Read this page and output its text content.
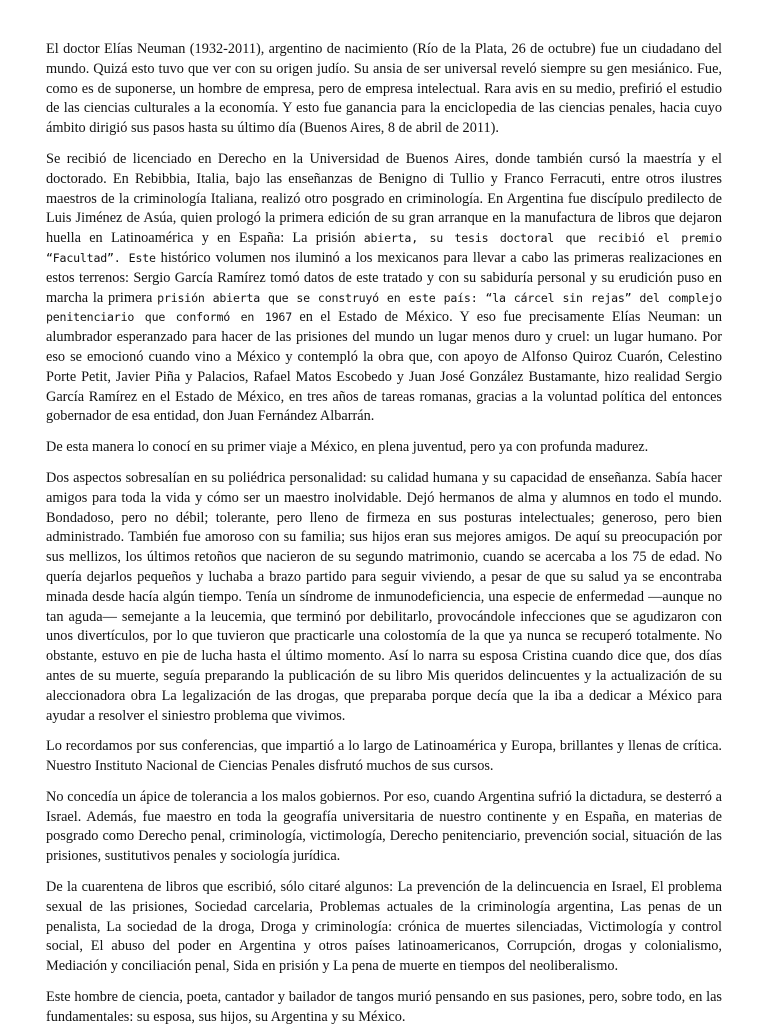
El doctor Elías Neuman (1932-2011), argentino de nacimiento (Río de la Plata, 26 de octubre) fue un ciudadano del mundo. Quizá esto tuvo que ver con su origen judío. Su ansia de ser universal reveló siempre su gen mesiánico. Fue, como es de suponerse, un hombre de empresa, pero de empresa intelectual. Rara avis en su medio, prefirió el estudio de las ciencias culturales a la economía. Y esto fue ganancia para la enciclopedia de las ciencias penales, hacia cuyo ámbito dirigió sus pasos hasta su último día (Buenos Aires, 8 de abril de 2011).

Se recibió de licenciado en Derecho en la Universidad de Buenos Aires, donde también cursó la maestría y el doctorado. En Rebibbia, Italia, bajo las enseñanzas de Benigno di Tullio y Franco Ferracuti, entre otros ilustres maestros de la criminología Italiana, realizó otro posgrado en criminología. En Argentina fue discípulo predilecto de Luis Jiménez de Asúa, quien prologó la primera edición de su gran arranque en la manufactura de libros que dejaron huella en Latinoamérica y en España: La prisión abierta, su tesis doctoral que recibió el premio “Facultad”. Este histórico volumen nos iluminó a los mexicanos para llevar a cabo las primeras realizaciones en estos terrenos: Sergio García Ramírez tomó datos de este tratado y con su sabiduría personal y su erudición puso en marcha la primera prisión abierta que se construyó en este país: “la cárcel sin rejas” del complejo penitenciario que conformó en 1967 en el Estado de México. Y eso fue precisamente Elías Neuman: un alumbrador esperanzado para hacer de las prisiones del mundo un lugar menos duro y cruel: un lugar humano. Por eso se emocionó cuando vino a México y contempló la obra que, con apoyo de Alfonso Quiroz Cuarón, Celestino Porte Petit, Javier Piña y Palacios, Rafael Matos Escobedo y Juan José González Bustamante, hizo realidad Sergio García Ramírez en el Estado de México, en tres años de tareas romanas, gracias a la voluntad política del entonces gobernador de esa entidad, don Juan Fernández Albarrán.

De esta manera lo conocí en su primer viaje a México, en plena juventud, pero ya con profunda madurez.

Dos aspectos sobresalían en su poliédrica personalidad: su calidad humana y su capacidad de enseñanza. Sabía hacer amigos para toda la vida y cómo ser un maestro inolvidable. Dejó hermanos de alma y alumnos en todo el mundo. Bondadoso, pero no débil; tolerante, pero lleno de firmeza en sus posturas intelectuales; generoso, pero bien administrado. También fue amoroso con su familia; sus hijos eran sus mejores amigos. De aquí su preocupación por sus mellizos, los últimos retoños que nacieron de su segundo matrimonio, cuando se acercaba a los 75 de edad. No quería dejarlos pequeños y luchaba a brazo partido para seguir viviendo, a pesar de que su salud ya se encontraba minada desde hacía algún tiempo. Tenía un síndrome de inmunodeficiencia, una especie de enfermedad —aunque no tan aguda— semejante a la leucemia, que terminó por debilitarlo, provocándole infecciones que se agudizaron con unos divertículos, por lo que tuvieron que practicarle una colostomía de la que ya nunca se recuperó totalmente. No obstante, estuvo en pie de lucha hasta el último momento. Así lo narra su esposa Cristina cuando dice que, dos días antes de su muerte, seguía preparando la publicación de su libro Mis queridos delincuentes y la actualización de su aleccionadora obra La legalización de las drogas, que preparaba porque decía que la iba a dedicar a México para ayudar a resolver el siniestro problema que vivimos.

Lo recordamos por sus conferencias, que impartió a lo largo de Latinoamérica y Europa, brillantes y llenas de crítica. Nuestro Instituto Nacional de Ciencias Penales disfrutó muchos de sus cursos.

No concedía un ápice de tolerancia a los malos gobiernos. Por eso, cuando Argentina sufrió la dictadura, se desterró a Israel. Además, fue maestro en toda la geografía universitaria de nuestro continente y en España, en materias de posgrado como Derecho penal, criminología, victimología, Derecho penitenciario, prevención social, situación de las prisiones, sustitutivos penales y sociología jurídica.

De la cuarentena de libros que escribió, sólo citaré algunos: La prevención de la delincuencia en Israel, El problema sexual de las prisiones, Sociedad carcelaria, Problemas actuales de la criminología argentina, Las penas de un penalista, La sociedad de la droga, Droga y criminología: crónica de muertes silenciadas, Victimología y control social, El abuso del poder en Argentina y otros países latinoamericanos, Corrupción, drogas y colonialismo, Mediación y conciliación penal, Sida en prisión y La pena de muerte en tiempos del neoliberalismo.

Este hombre de ciencia, poeta, cantador y bailador de tangos murió pensando en sus pasiones, pero, sobre todo, en las fundamentales: su esposa, sus hijos, su Argentina y su México.
